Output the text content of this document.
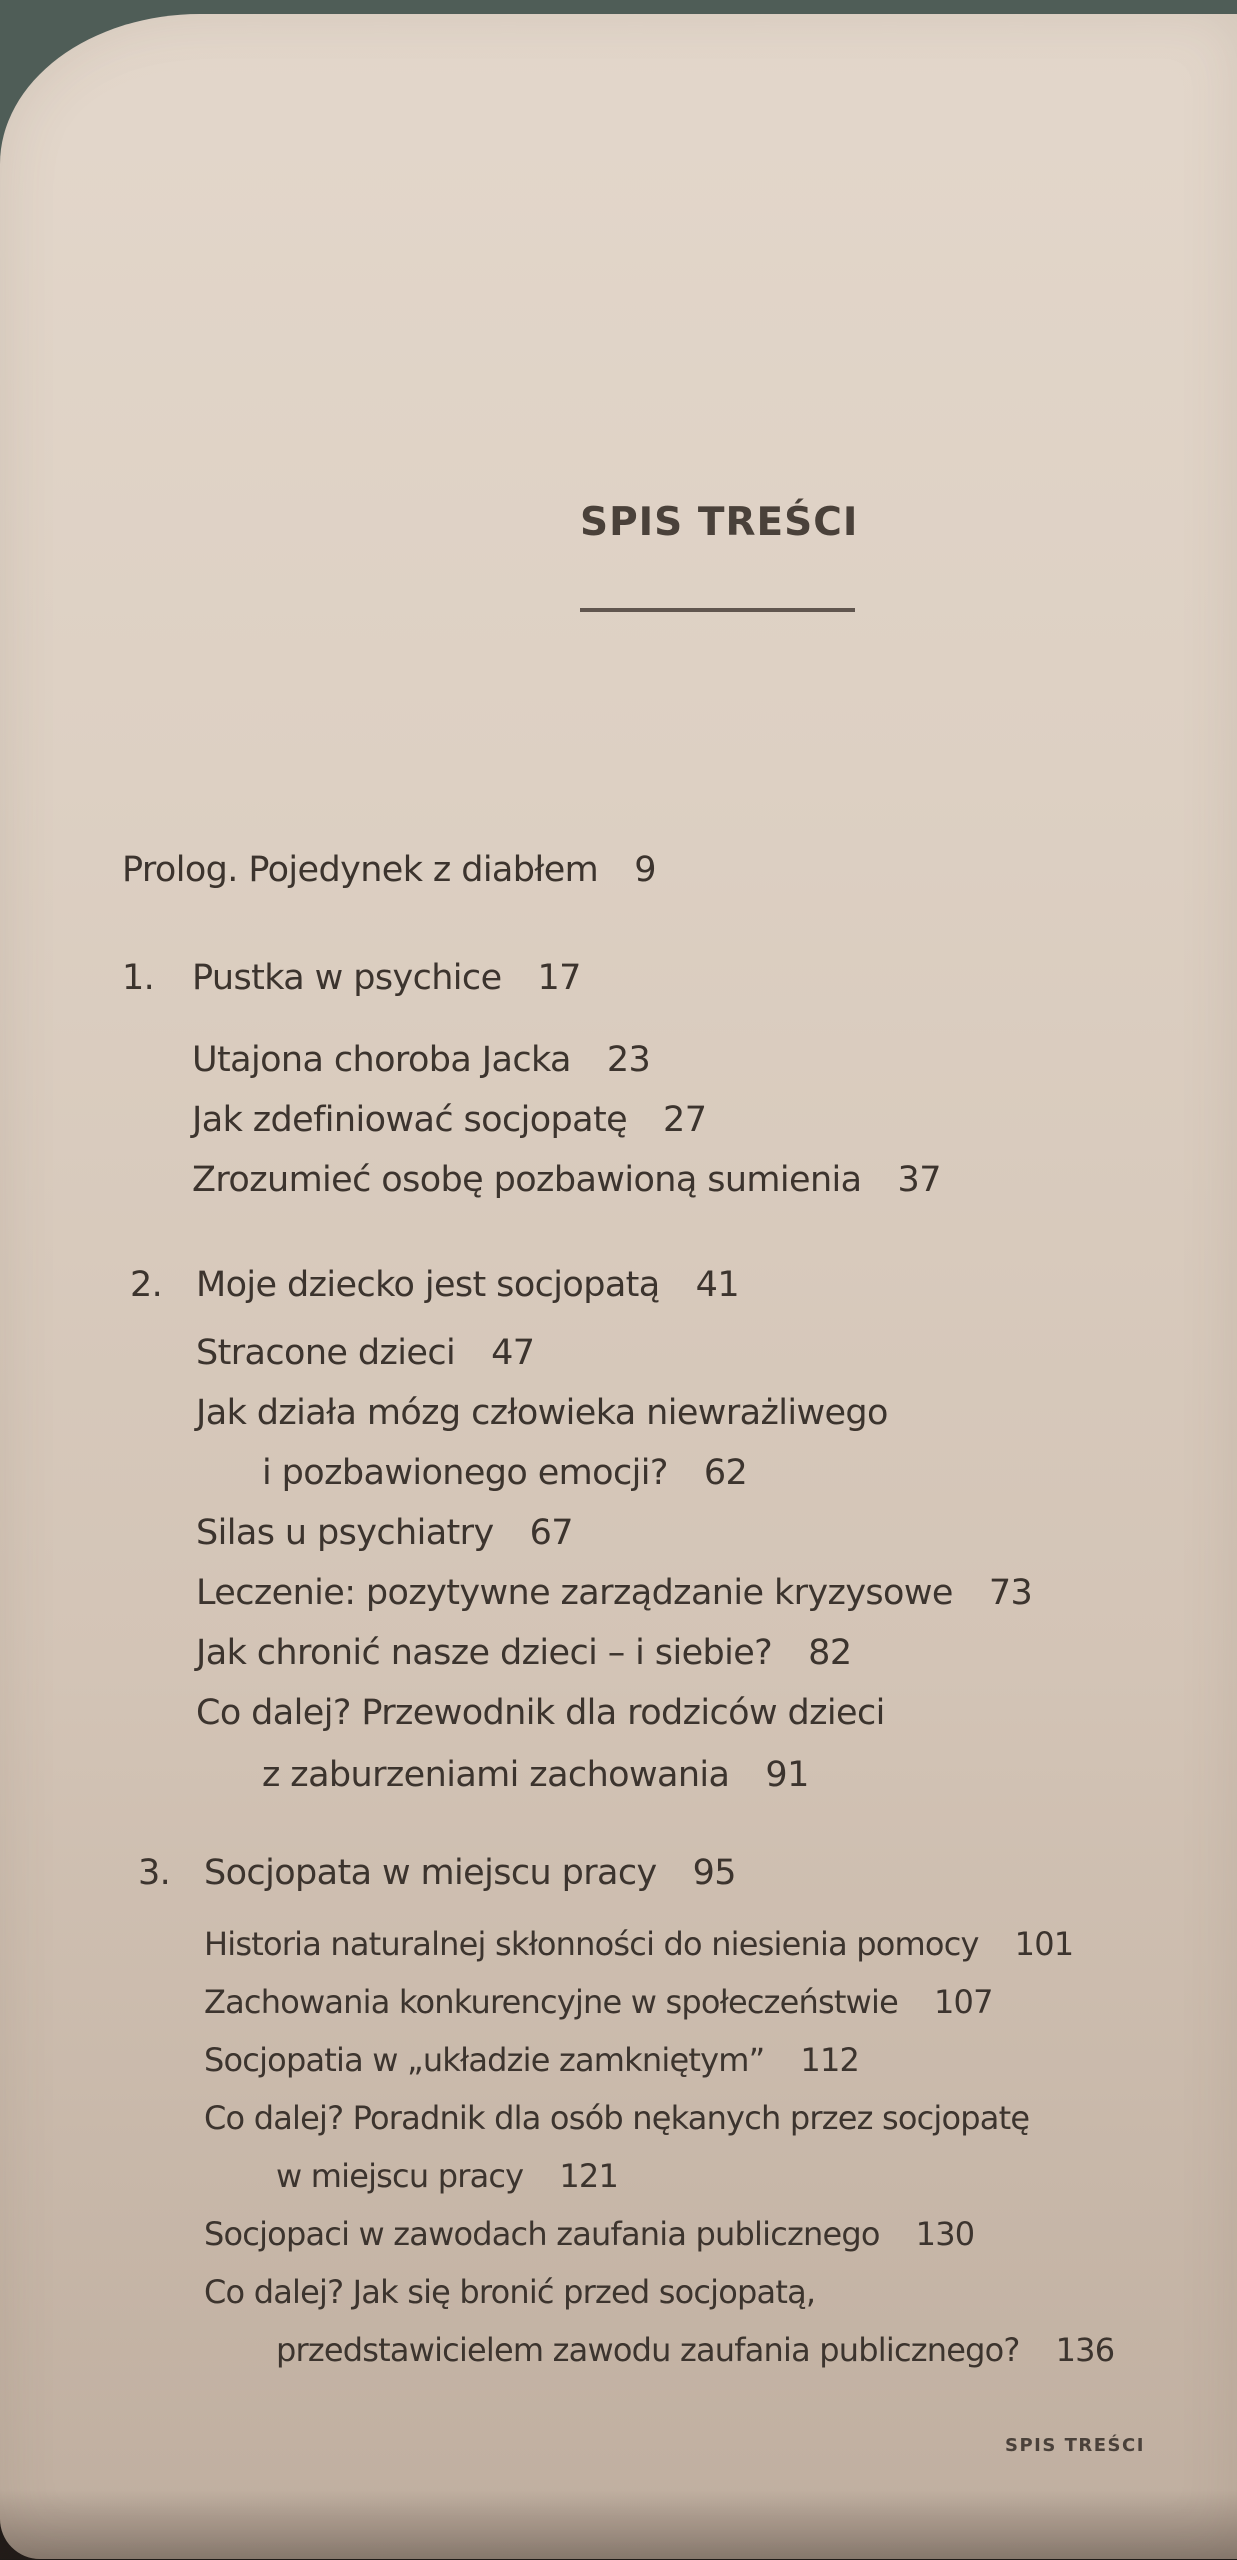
SPIS TREŚCI
Prolog. Pojedynek z diabłem 9
1. Pustka w psychice 17
Utajona choroba Jacka 23
Jak zdefiniować socjopatę 27
Zrozumieć osobę pozbawioną sumienia 37
2. Moje dziecko jest socjopatą 41
Stracone dzieci 47
Jak działa mózg człowieka niewrażliwego
i pozbawionego emocji? 62
Silas u psychiatry 67
Leczenie: pozytywne zarządzanie kryzysowe 73
Jak chronić nasze dzieci – i siebie? 82
Co dalej? Przewodnik dla rodziców dzieci
z zaburzeniami zachowania 91
3. Socjopata w miejscu pracy 95
Historia naturalnej skłonności do niesienia pomocy 101
Zachowania konkurencyjne w społeczeństwie 107
Socjopatia w „układzie zamkniętym” 112
Co dalej? Poradnik dla osób nękanych przez socjopatę
w miejscu pracy 121
Socjopaci w zawodach zaufania publicznego 130
Co dalej? Jak się bronić przed socjopatą,
przedstawicielem zawodu zaufania publicznego? 136
SPIS TREŚCI
